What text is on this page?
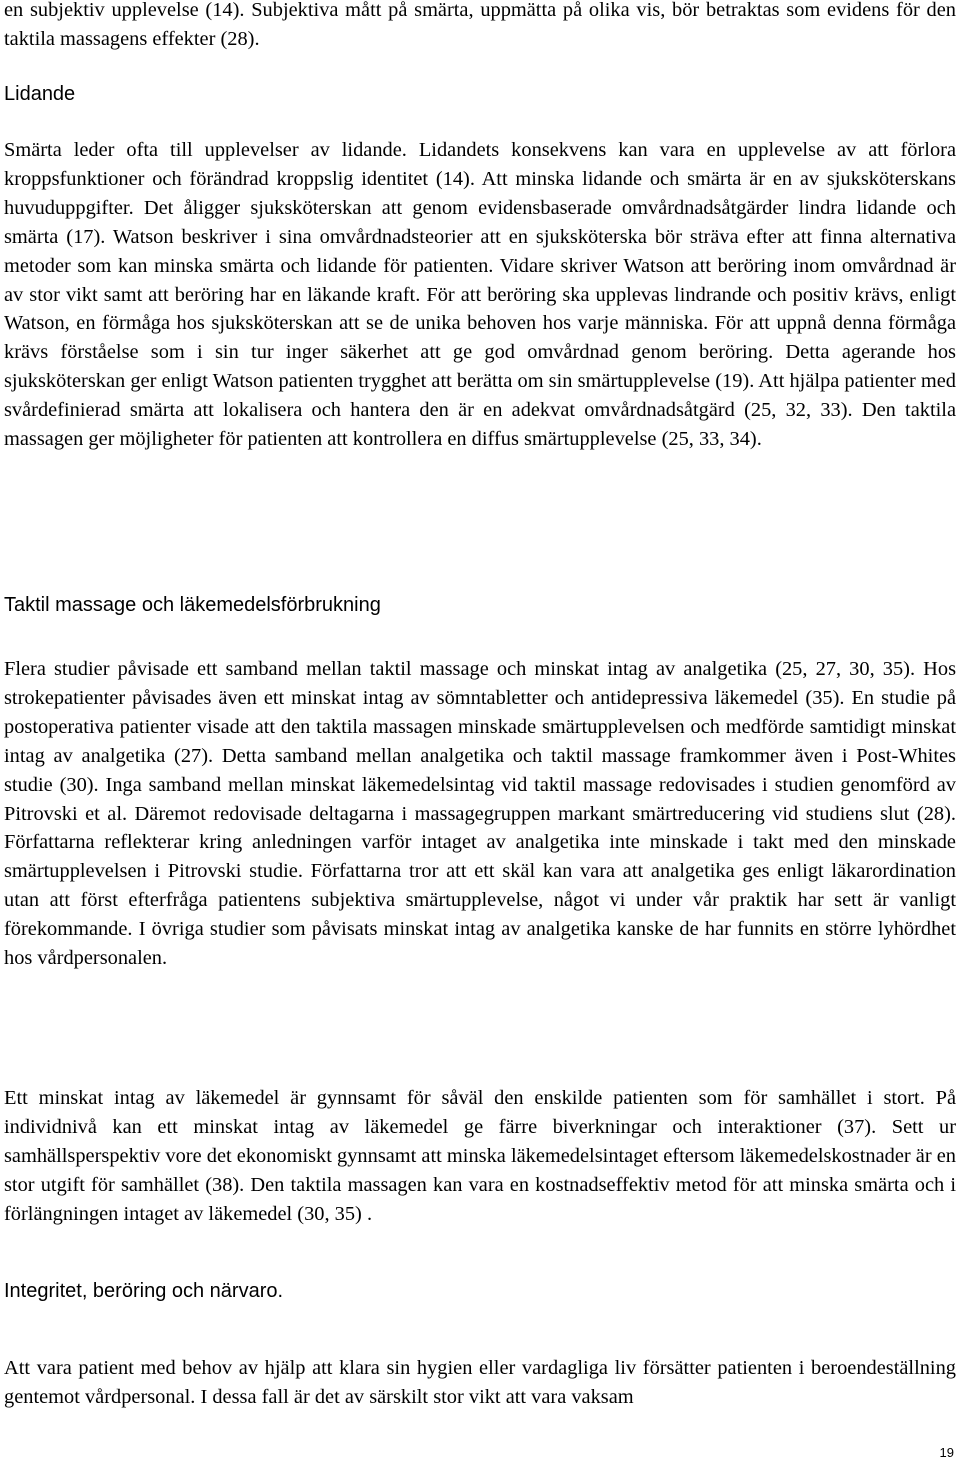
en subjektiv upplevelse (14). Subjektiva mått på smärta, uppmätta på olika vis, bör betraktas som evidens för den taktila massagens effekter (28).

Lidande

Smärta leder ofta till upplevelser av lidande. Lidandets konsekvens kan vara en upplevelse av att förlora kroppsfunktioner och förändrad kroppslig identitet (14). Att minska lidande och smärta är en av sjuksköterskans huvuduppgifter. Det åligger sjuksköterskan att genom evidensbaserade omvårdnadsåtgärder lindra lidande och smärta (17). Watson beskriver i sina omvårdnadsteorier att en sjuksköterska bör sträva efter att finna alternativa metoder som kan minska smärta och lidande för patienten. Vidare skriver Watson att beröring inom omvårdnad är av stor vikt samt att beröring har en läkande kraft. För att beröring ska upplevas lindrande och positiv krävs, enligt Watson, en förmåga hos sjuksköterskan att se de unika behoven hos varje människa. För att uppnå denna förmåga krävs förståelse som i sin tur inger säkerhet att ge god omvårdnad genom beröring. Detta agerande hos sjuksköterskan ger enligt Watson patienten trygghet att berätta om sin smärtupplevelse (19). Att hjälpa patienter med svårdefinierad smärta att lokalisera och hantera den är en adekvat omvårdnadsåtgärd (25, 32, 33). Den taktila massagen ger möjligheter för patienten att kontrollera en diffus smärtupplevelse (25, 33, 34).

Taktil massage och läkemedelsförbrukning

Flera studier påvisade ett samband mellan taktil massage och minskat intag av analgetika (25, 27, 30, 35). Hos strokepatienter påvisades även ett minskat intag av sömntabletter och antidepressiva läkemedel (35). En studie på postoperativa patienter visade att den taktila massagen minskade smärtupplevelsen och medförde samtidigt minskat intag av analgetika (27). Detta samband mellan analgetika och taktil massage framkommer även i Post-Whites studie (30). Inga samband mellan minskat läkemedelsintag vid taktil massage redovisades i studien genomförd av Pitrovski et al. Däremot redovisade deltagarna i massagegruppen markant smärtreducering vid studiens slut (28). Författarna reflekterar kring anledningen varför intaget av analgetika inte minskade i takt med den minskade smärtupplevelsen i Pitrovski studie. Författarna tror att ett skäl kan vara att analgetika ges enligt läkarordination utan att först efterfråga patientens subjektiva smärtupplevelse, något vi under vår praktik har sett är vanligt förekommande. I övriga studier som påvisats minskat intag av analgetika kanske de har funnits en större lyhördhet hos vårdpersonalen.

Ett minskat intag av läkemedel är gynnsamt för såväl den enskilde patienten som för samhället i stort. På individnivå kan ett minskat intag av läkemedel ge färre biverkningar och interaktioner (37). Sett ur samhällsperspektiv vore det ekonomiskt gynnsamt att minska läkemedelsintaget eftersom läkemedelskostnader är en stor utgift för samhället (38). Den taktila massagen kan vara en kostnadseffektiv metod för att minska smärta och i förlängningen intaget av läkemedel (30, 35) .

Integritet, beröring och närvaro.

Att vara patient med behov av hjälp att klara sin hygien eller vardagliga liv försätter patienten i beroendeställning gentemot vårdpersonal. I dessa fall är det av särskilt stor vikt att vara vaksam

19
